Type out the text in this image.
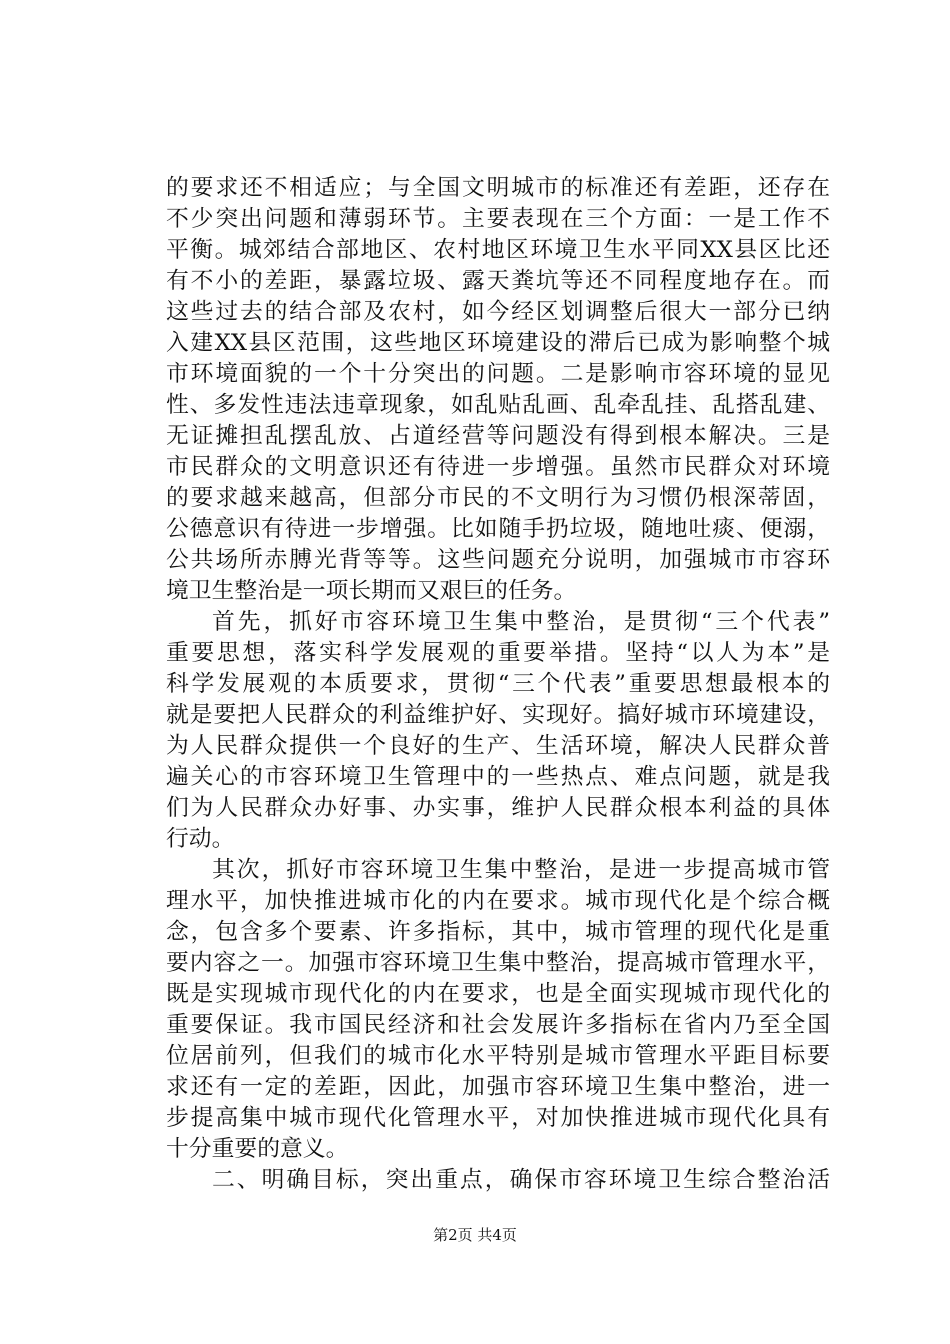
的要求还不相适应；与全国文明城市的标准还有差距，还存在
不少突出问题和薄弱环节。主要表现在三个方面：一是工作不
平衡。城郊结合部地区、农村地区环境卫生水平同XX县区比还
有不小的差距，暴露垃圾、露天粪坑等还不同程度地存在。而
这些过去的结合部及农村，如今经区划调整后很大一部分已纳
入建XX县区范围，这些地区环境建设的滞后已成为影响整个城
市环境面貌的一个十分突出的问题。二是影响市容环境的显见
性、多发性违法违章现象，如乱贴乱画、乱牵乱挂、乱搭乱建、
无证摊担乱摆乱放、占道经营等问题没有得到根本解决。三是
市民群众的文明意识还有待进一步增强。虽然市民群众对环境
的要求越来越高，但部分市民的不文明行为习惯仍根深蒂固，
公德意识有待进一步增强。比如随手扔垃圾，随地吐痰、便溺，
公共场所赤膊光背等等。这些问题充分说明，加强城市市容环
境卫生整治是一项长期而又艰巨的任务。
首先，抓好市容环境卫生集中整治，是贯彻“三个代表”
重要思想，落实科学发展观的重要举措。坚持“以人为本”是
科学发展观的本质要求，贯彻“三个代表”重要思想最根本的
就是要把人民群众的利益维护好、实现好。搞好城市环境建设，
为人民群众提供一个良好的生产、生活环境，解决人民群众普
遍关心的市容环境卫生管理中的一些热点、难点问题，就是我
们为人民群众办好事、办实事，维护人民群众根本利益的具体
行动。
其次，抓好市容环境卫生集中整治，是进一步提高城市管
理水平，加快推进城市化的内在要求。城市现代化是个综合概
念，包含多个要素、许多指标，其中，城市管理的现代化是重
要内容之一。加强市容环境卫生集中整治，提高城市管理水平，
既是实现城市现代化的内在要求，也是全面实现城市现代化的
重要保证。我市国民经济和社会发展许多指标在省内乃至全国
位居前列，但我们的城市化水平特别是城市管理水平距目标要
求还有一定的差距，因此，加强市容环境卫生集中整治，进一
步提高集中城市现代化管理水平，对加快推进城市现代化具有
十分重要的意义。
二、明确目标，突出重点，确保市容环境卫生综合整治活
第2页 共4页
